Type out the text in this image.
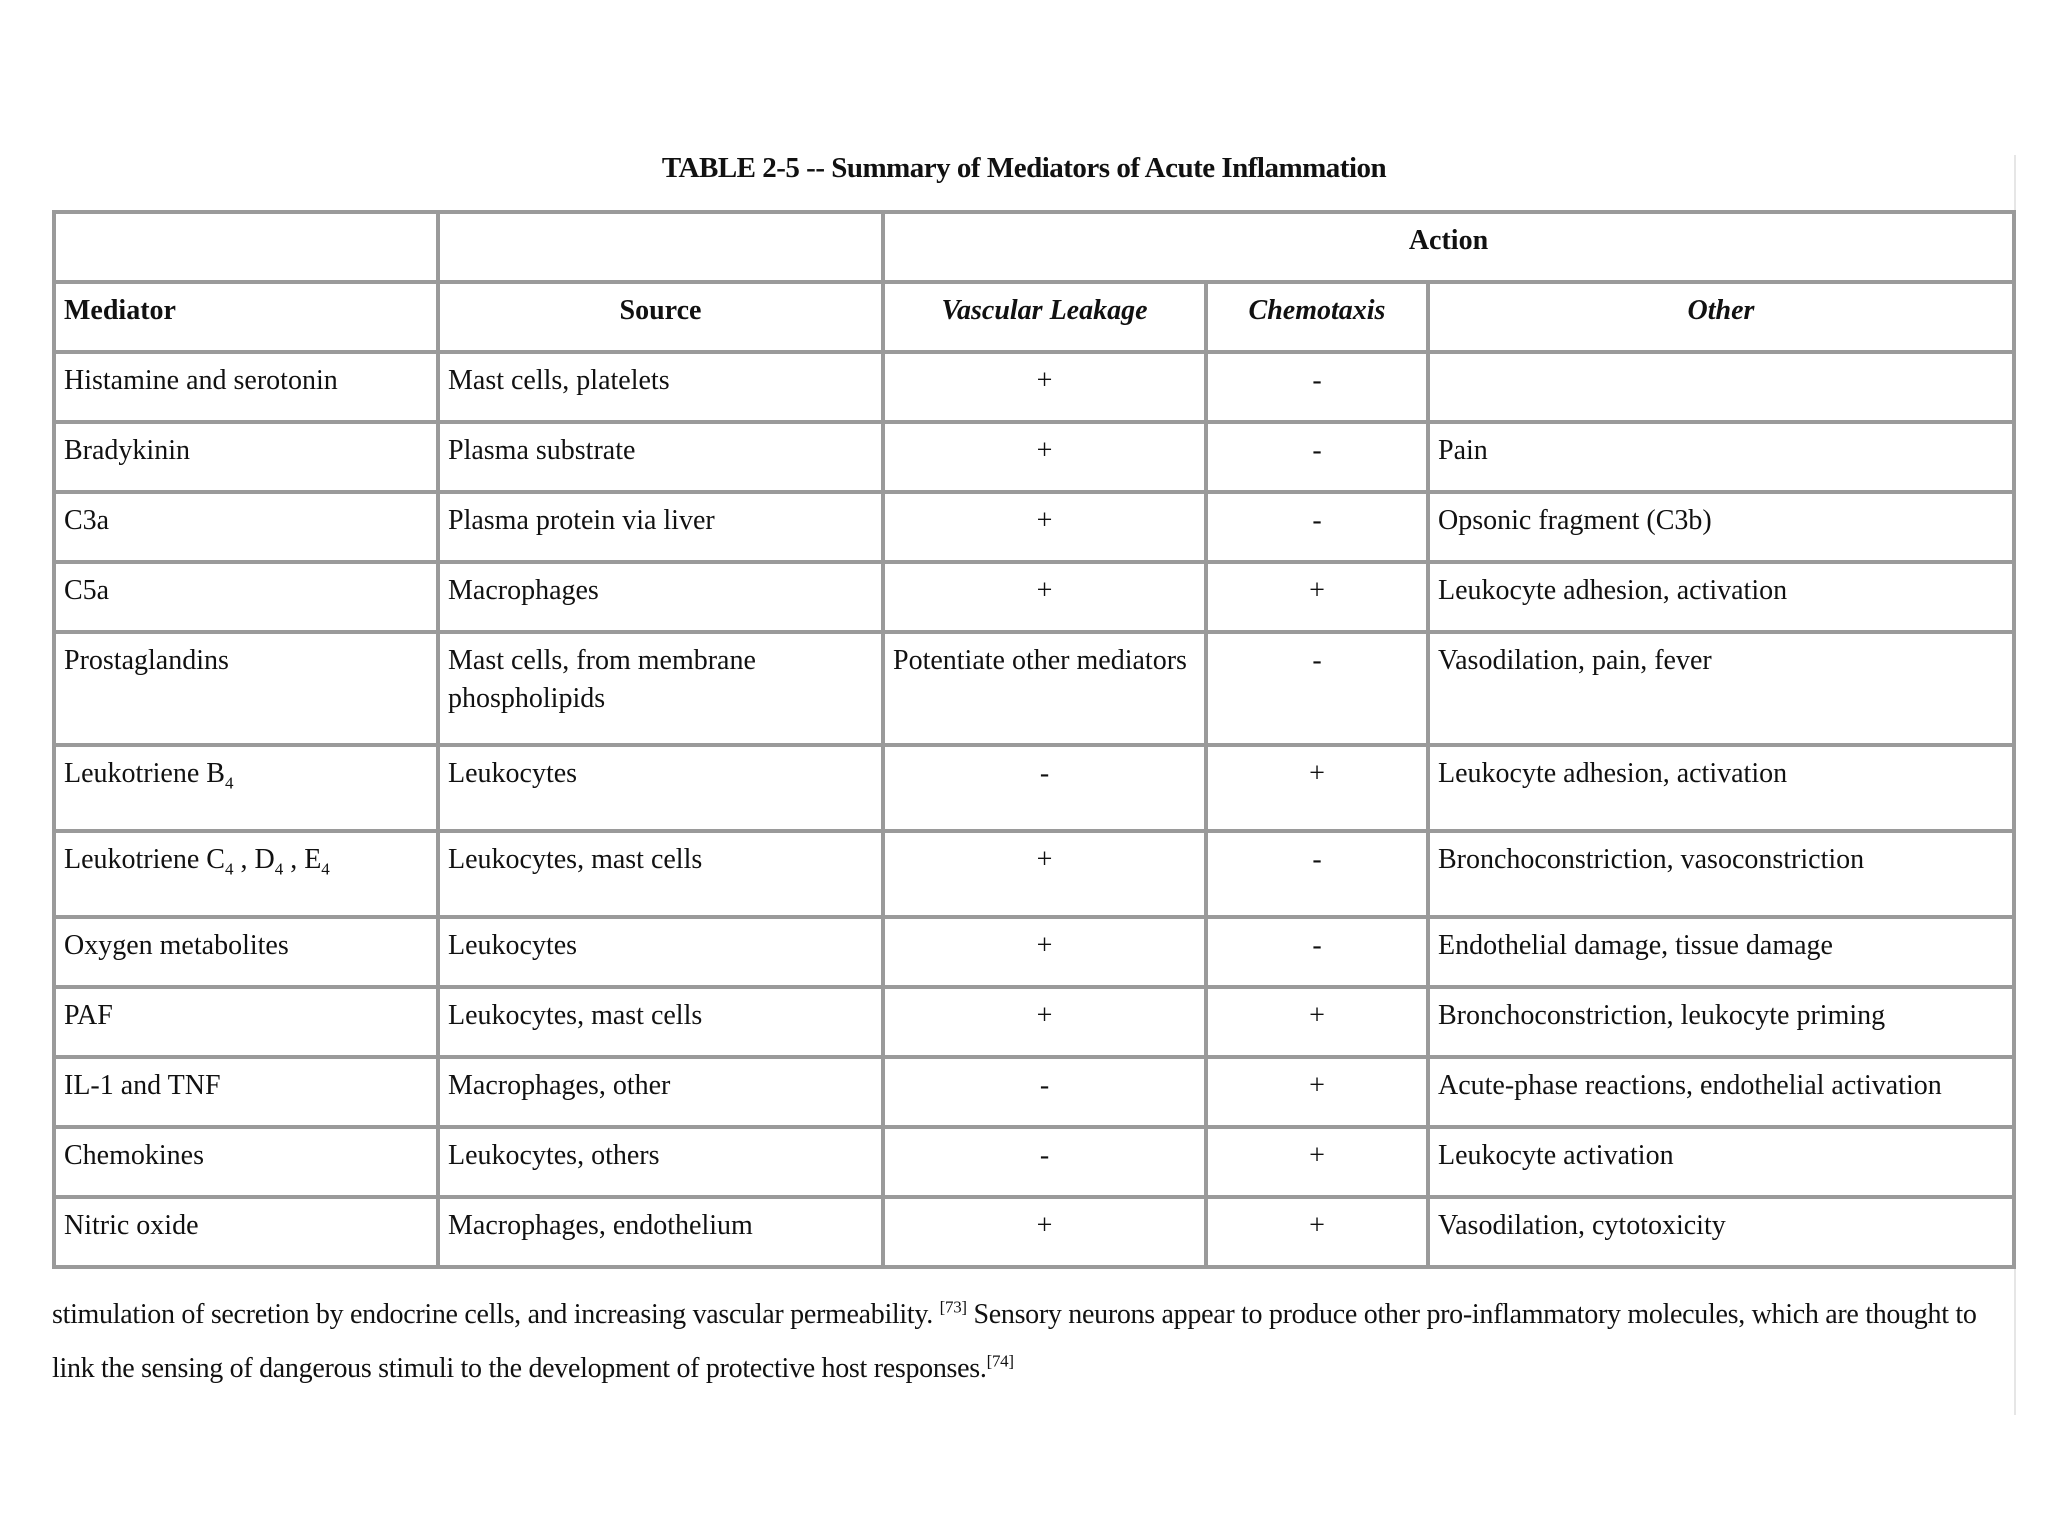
TABLE 2-5 -- Summary of Mediators of Acute Inflammation
		Action		
Mediator	Source	Vascular Leakage	Chemotaxis	Other
Histamine and serotonin	Mast cells, platelets	+	-	
Bradykinin	Plasma substrate	+	-	Pain
C3a	Plasma protein via liver	+	-	Opsonic fragment (C3b)
C5a	Macrophages	+	+	Leukocyte adhesion, activation
Prostaglandins	Mast cells, from membrane phospholipids	Potentiate other mediators	-	Vasodilation, pain, fever
Leukotriene $B_4$	Leukocytes	-	+	Leukocyte adhesion, activation
Leukotriene $C_4$ , $D_4$ , $E_4$	Leukocytes, mast cells	+	-	Bronchoconstriction, vasoconstriction
Oxygen metabolites	Leukocytes	+	-	Endothelial damage, tissue damage
PAF	Leukocytes, mast cells	+	+	Bronchoconstriction, leukocyte priming
IL-1 and TNF	Macrophages, other	-	+	Acute-phase reactions, endothelial activation
Chemokines	Leukocytes, others	-	+	Leukocyte activation
Nitric oxide	Macrophages, endothelium	+	+	Vasodilation, cytotoxicity
stimulation of secretion by endocrine cells, and increasing vascular permeability. [73] Sensory neurons appear to produce other pro-inflammatory molecules, which are thought to link the sensing of dangerous stimuli to the development of protective host responses.[74]
